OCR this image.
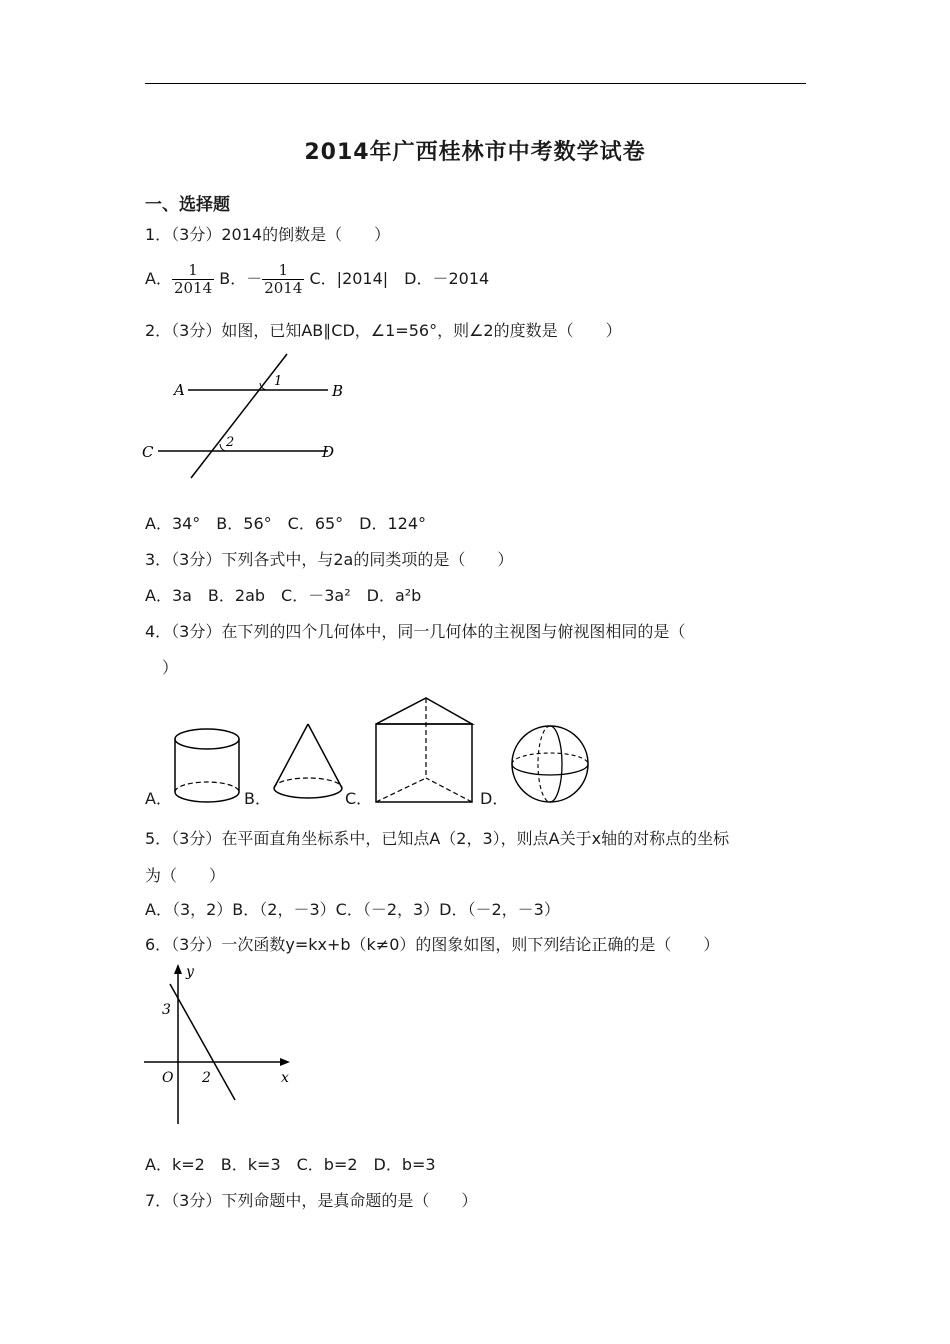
2014年广西桂林市中考数学试卷
一、选择题
1．（3分）2014的倒数是（　　）
A． $\frac{1}{2014}$ B．－ $\frac{1}{2014}$ C．|2014|　D．－2014
2．（3分）如图，已知AB∥CD，∠1=56°，则∠2的度数是（　　）
A	B
C	D
1
2
A．34°　B．56°　C．65°　D．124°
3．（3分）下列各式中，与2a的同类项的是（　　）
A．3a　B．2ab　C．－3a²　D．a²b
4．（3分）在下列的四个几何体中，同一几何体的主视图与俯视图相同的是（
）
A．	B．	C．	D．
5．（3分）在平面直角坐标系中，已知点A（2，3），则点A关于x轴的对称点的坐标
为（　　）
A．（3，2）B．（2，－3）C．（－2，3）D．（－2，－3）
6．（3分）一次函数y=kx+b（k≠0）的图象如图，则下列结论正确的是（　　）
y
x
O
3
2
A．k=2　B．k=3　C．b=2　D．b=3
7．（3分）下列命题中，是真命题的是（　　）
